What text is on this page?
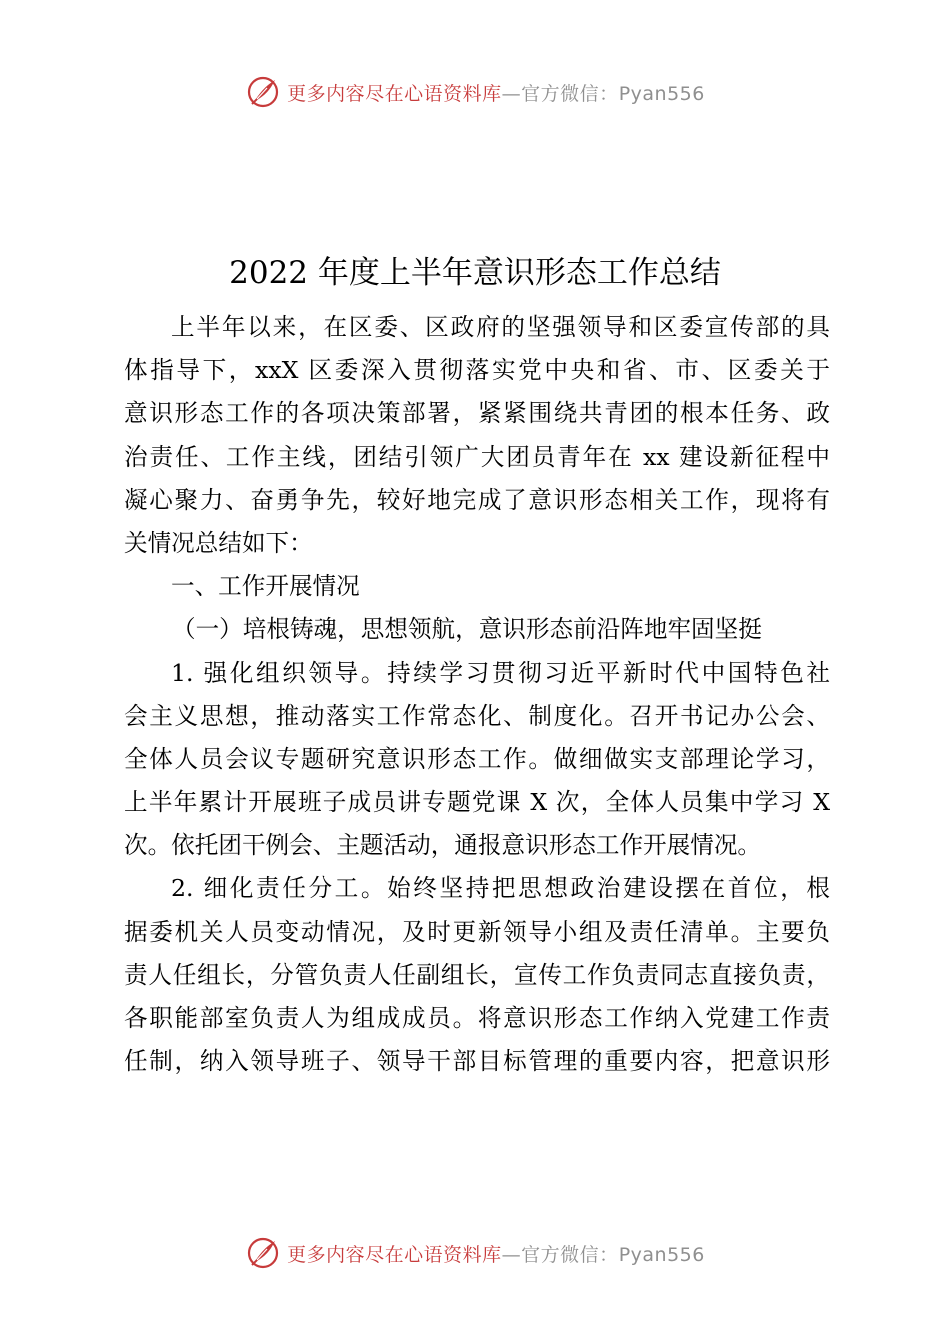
更多内容尽在心语资料库—官方微信：Pyan556
2022 年度上半年意识形态工作总结
上半年以来，在区委、区政府的坚强领导和区委宣传部的具
体指导下，xxX 区委深入贯彻落实党中央和省、市、区委关于
意识形态工作的各项决策部署，紧紧围绕共青团的根本任务、政
治责任、工作主线，团结引领广大团员青年在 xx 建设新征程中
凝心聚力、奋勇争先，较好地完成了意识形态相关工作，现将有
关情况总结如下：
一、工作开展情况
（一）培根铸魂，思想领航，意识形态前沿阵地牢固坚挺
1. 强化组织领导。持续学习贯彻习近平新时代中国特色社
会主义思想，推动落实工作常态化、制度化。召开书记办公会、
全体人员会议专题研究意识形态工作。做细做实支部理论学习，
上半年累计开展班子成员讲专题党课 X 次，全体人员集中学习 X
次。依托团干例会、主题活动，通报意识形态工作开展情况。
2. 细化责任分工。始终坚持把思想政治建设摆在首位，根
据委机关人员变动情况，及时更新领导小组及责任清单。主要负
责人任组长，分管负责人任副组长，宣传工作负责同志直接负责，
各职能部室负责人为组成成员。将意识形态工作纳入党建工作责
任制，纳入领导班子、领导干部目标管理的重要内容，把意识形
更多内容尽在心语资料库—官方微信：Pyan556
